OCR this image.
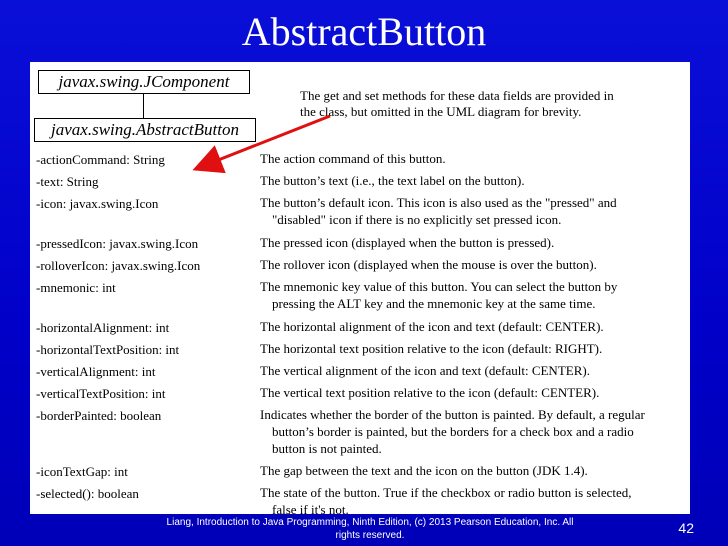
AbstractButton
javax.swing.JComponent
javax.swing.AbstractButton
The get and set methods for these data fields are provided in
the class, but omitted in the UML diagram for brevity.
-actionCommand: String	The action command of this button.
-text: String	The button’s text (i.e., the text label on the button).
-icon: javax.swing.Icon	The button’s default icon. This icon is also used as the "pressed" and
"disabled" icon if there is no explicitly set pressed icon.
-pressedIcon: javax.swing.Icon	The pressed icon (displayed when the button is pressed).
-rolloverIcon: javax.swing.Icon	The rollover icon (displayed when the mouse is over the button).
-mnemonic: int	The mnemonic key value of this button. You can select the button by
pressing the ALT key and the mnemonic key at the same time.
-horizontalAlignment: int	The horizontal alignment of the icon and text (default: CENTER).
-horizontalTextPosition: int	The horizontal text position relative to the icon (default: RIGHT).
-verticalAlignment: int	The vertical alignment of the icon and text (default: CENTER).
-verticalTextPosition: int	The vertical text position relative to the icon (default: CENTER).
-borderPainted: boolean	Indicates whether the border of the button is painted. By default, a regular
button’s border is painted, but the borders for a check box and a radio
button is not painted.
-iconTextGap: int	The gap between the text and the icon on the button (JDK 1.4).
-selected(): boolean	The state of the button. True if the checkbox or radio button is selected,
false if it's not.
Liang, Introduction to Java Programming, Ninth Edition, (c) 2013 Pearson Education, Inc. All
rights reserved.	42
